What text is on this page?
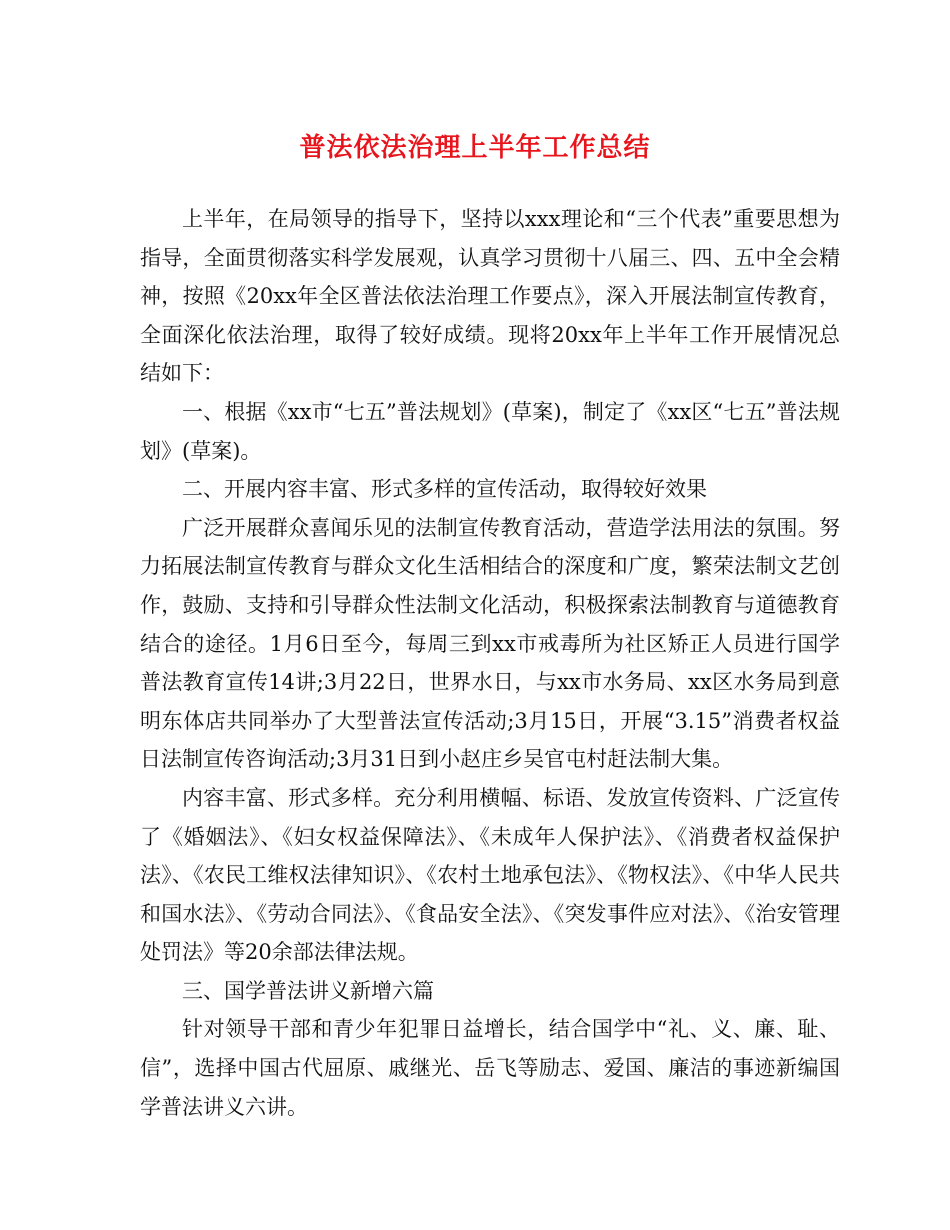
普法依法治理上半年工作总结

上半年，在局领导的指导下，坚持以xxx理论和“三个代表”重要思想为指导，全面贯彻落实科学发展观，认真学习贯彻十八届三、四、五中全会精神，按照《20xx年全区普法依法治理工作要点》，深入开展法制宣传教育，全面深化依法治理，取得了较好成绩。现将20xx年上半年工作开展情况总结如下：

一、根据《xx市“七五”普法规划》(草案)，制定了《xx区“七五”普法规划》(草案)。

二、开展内容丰富、形式多样的宣传活动，取得较好效果

广泛开展群众喜闻乐见的法制宣传教育活动，营造学法用法的氛围。努力拓展法制宣传教育与群众文化生活相结合的深度和广度，繁荣法制文艺创作，鼓励、支持和引导群众性法制文化活动，积极探索法制教育与道德教育结合的途径。1月6日至今，每周三到xx市戒毒所为社区矫正人员进行国学普法教育宣传14讲;3月22日，世界水日，与xx市水务局、xx区水务局到意明东体店共同举办了大型普法宣传活动;3月15日，开展“3.15”消费者权益日法制宣传咨询活动;3月31日到小赵庄乡吴官屯村赶法制大集。

内容丰富、形式多样。充分利用横幅、标语、发放宣传资料、广泛宣传了《婚姻法》、《妇女权益保障法》、《未成年人保护法》、《消费者权益保护法》、《农民工维权法律知识》、《农村土地承包法》、《物权法》、《中华人民共和国水法》、《劳动合同法》、《食品安全法》、《突发事件应对法》、《治安管理处罚法》等20余部法律法规。

三、国学普法讲义新增六篇

针对领导干部和青少年犯罪日益增长，结合国学中“礼、义、廉、耻、信”，选择中国古代屈原、戚继光、岳飞等励志、爱国、廉洁的事迹新编国学普法讲义六讲。
